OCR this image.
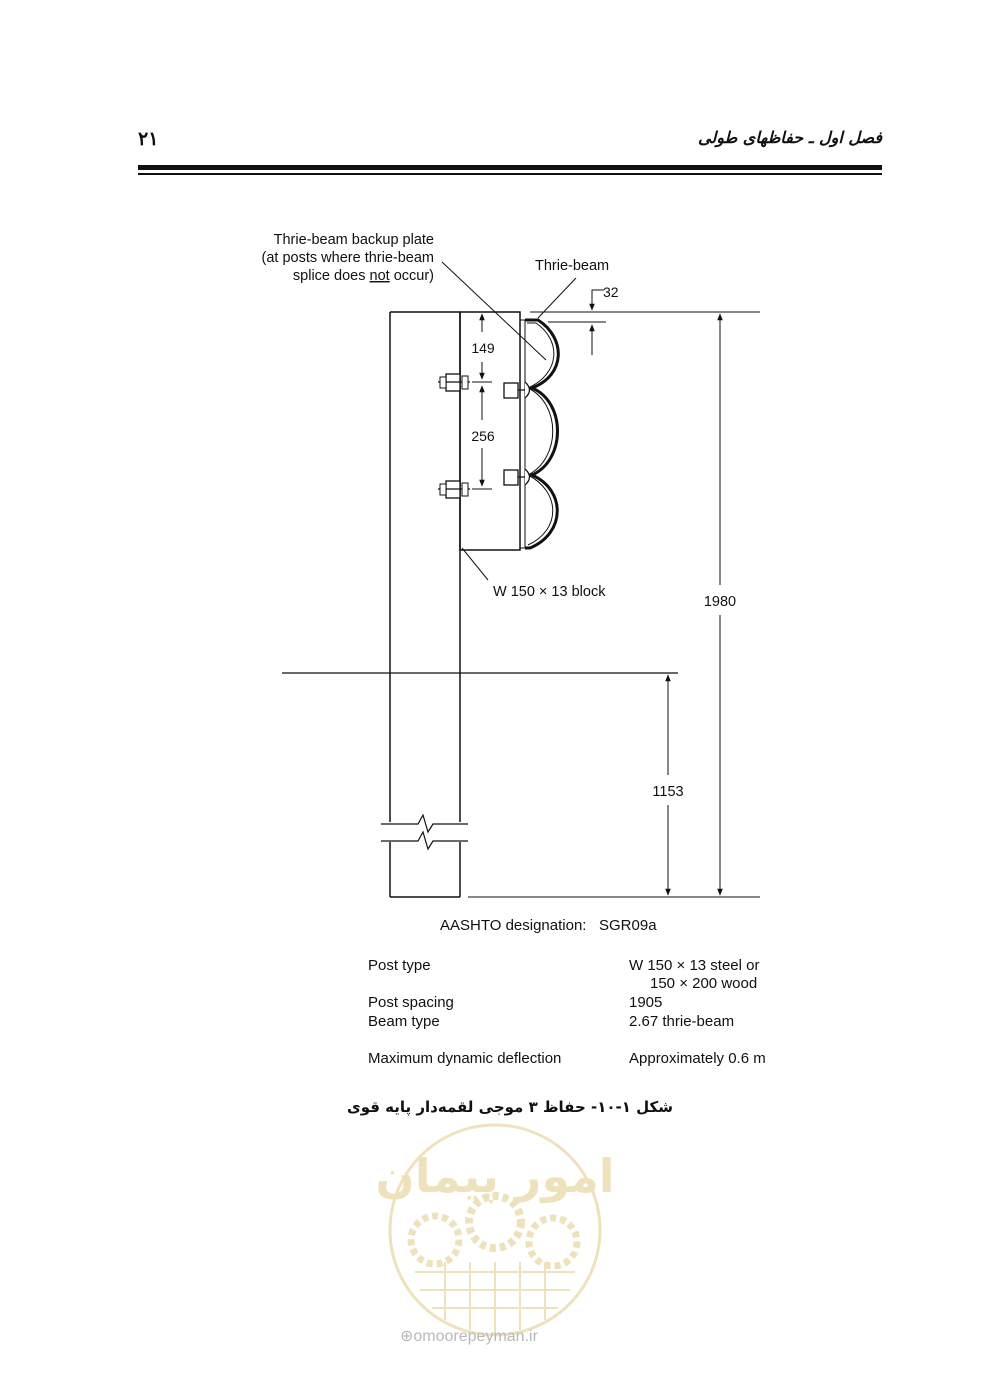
۲۱	فصل اول ـ حفاظهای طولی
Thrie-beam backup plate
(at posts where thrie-beam
splice does not occur)
Thrie-beam
149
256
32
W 150 × 13 block
1980
1153
امور پیمان
AASHTO designation: SGR09a
Post type	W 150 × 13 steel or
150 × 200 wood
Post spacing	1905
Beam type	2.67 thrie-beam
Maximum dynamic deflection	Approximately 0.6 m
شکل ۱-۱۰- حفاظ ۳ موجی لقمه‌دار پایه قوی
⊕omoorepeyman.ir
